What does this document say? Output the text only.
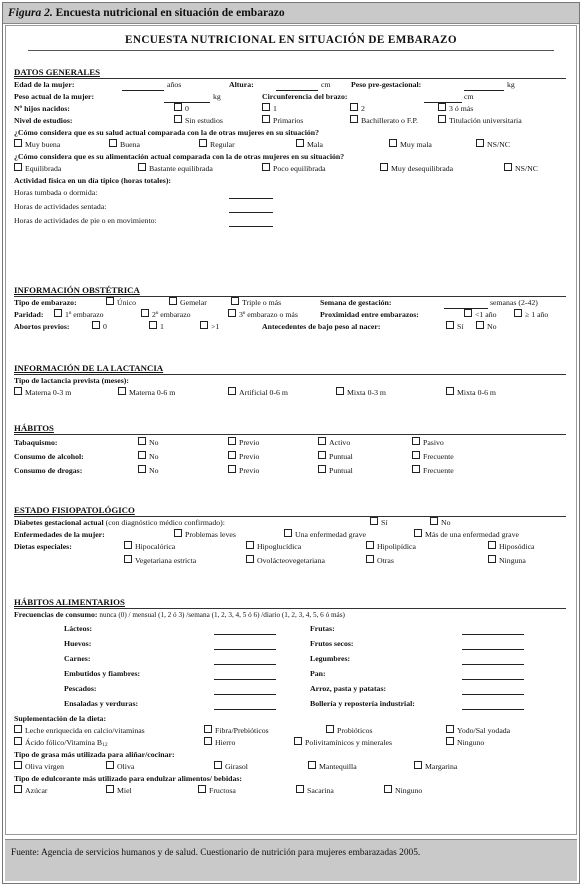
Figura 2. Encuesta nutricional en situación de embarazo
ENCUESTA NUTRICIONAL EN SITUACIÓN DE EMBARAZO
DATOS GENERALES
Edad de la mujer:	años	Altura:	cm	Peso pre-gestacional:	kg
Peso actual de la mujer:	kg	Circunferencia del brazo:	cm
Nº hijos nacidos:	0	1	2	3 ó más
Nivel de estudios:	Sin estudios	Primarios	Bachillerato o F.P.	Titulación universitaria
¿Cómo considera que es su salud actual comparada con la de otras mujeres en su situación?
Muy buena	Buena	Regular	Mala	Muy mala	NS/NC
¿Cómo considera que es su alimentación actual comparada con la de otras mujeres en su situación?
Equilibrada	Bastante equilibrada	Poco equilibrada	Muy desequilibrada	NS/NC
Actividad física en un día típico (horas totales):
Horas tumbada o dormida:
Horas de actividades sentada:
Horas de actividades de pie o en movimiento:
INFORMACIÓN OBSTÉTRICA
Tipo de embarazo:	Único	Gemelar	Triple o más	Semana de gestación:	semanas (2-42)
Paridad:	1º embarazo	2º embarazo	3º embarazo o más	Proximidad entre embarazos:	<1 año	≥ 1 año
Abortos previos:	0	1	>1	Antecedentes de bajo peso al nacer:	Sí	No
INFORMACIÓN DE LA LACTANCIA
Tipo de lactancia prevista (meses):
Materna 0-3 m	Materna 0-6 m	Artificial 0-6 m	Mixta 0-3 m	Mixta 0-6 m
HÁBITOS
Tabaquismo:	No	Previo	Activo	Pasivo
Consumo de alcohol:	No	Previo	Puntual	Frecuente
Consumo de drogas:	No	Previo	Puntual	Frecuente
ESTADO FISIOPATOLÓGICO
Diabetes gestacional actual (con diagnóstico médico confirmado):	Sí	No
Enfermedades de la mujer:	Problemas leves	Una enfermedad grave	Más de una enfermedad grave
Dietas especiales:	Hipocalórica	Hipoglucídica	Hipolipídica	Hiposódica
Vegetariana estricta	Ovolácteovegetariana	Otras	Ninguna
HÁBITOS ALIMENTARIOS
Frecuencias de consumo: nunca (0) / mensual (1, 2 ó 3) /semana (1, 2, 3, 4, 5 ó 6) /diario (1, 2, 3, 4, 5, 6 ó más)
Lácteos:	Frutas:
Huevos:	Frutos secos:
Carnes:	Legumbres:
Embutidos y fiambres:	Pan:
Pescados:	Arroz, pasta y patatas:
Ensaladas y verduras:	Bollería y repostería industrial:
Suplementación de la dieta:
Leche enriquecida en calcio/vitaminas	Fibra/Prebióticos	Probióticos	Yodo/Sal yodada
Ácido fólico/Vitamina B12	Hierro	Polivitamínicos y minerales	Ninguno
Tipo de grasa más utilizada para aliñar/cocinar:
Oliva virgen	Oliva	Girasol	Mantequilla	Margarina
Tipo de edulcorante más utilizado para endulzar alimentos/ bebidas:
Azúcar	Miel	Fructosa	Sacarina	Ninguno
Fuente: Agencia de servicios humanos y de salud. Cuestionario de nutrición para mujeres embarazadas 2005.
